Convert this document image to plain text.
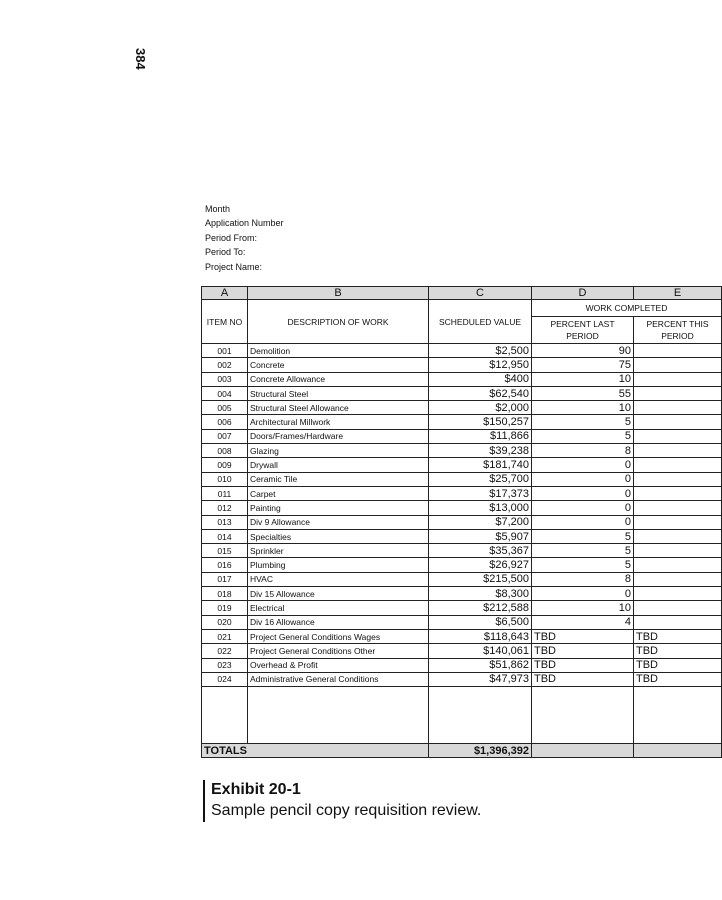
384
Month
Application Number
Period From:
Period To:
Project Name:
A	B	C	D	E
ITEM NO	DESCRIPTION OF WORK	SCHEDULED VALUE	WORK COMPLETED	
			PERCENT LAST PERIOD	PERCENT THIS PERIOD
001	Demolition	$2,500	90	
002	Concrete	$12,950	75	
003	Concrete Allowance	$400	10	
004	Structural Steel	$62,540	55	
005	Structural Steel Allowance	$2,000	10	
006	Architectural Millwork	$150,257	5	
007	Doors/Frames/Hardware	$11,866	5	
008	Glazing	$39,238	8	
009	Drywall	$181,740	0	
010	Ceramic Tile	$25,700	0	
011	Carpet	$17,373	0	
012	Painting	$13,000	0	
013	Div 9 Allowance	$7,200	0	
014	Specialties	$5,907	5	
015	Sprinkler	$35,367	5	
016	Plumbing	$26,927	5	
017	HVAC	$215,500	8	
018	Div 15 Allowance	$8,300	0	
019	Electrical	$212,588	10	
020	Div 16 Allowance	$6,500	4	
021	Project General Conditions Wages	$118,643	TBD	TBD
022	Project General Conditions Other	$140,061	TBD	TBD
023	Overhead & Profit	$51,862	TBD	TBD
024	Administrative General Conditions	$47,973	TBD	TBD

TOTALS		$1,396,392		
Exhibit 20-1
Sample pencil copy requisition review.
